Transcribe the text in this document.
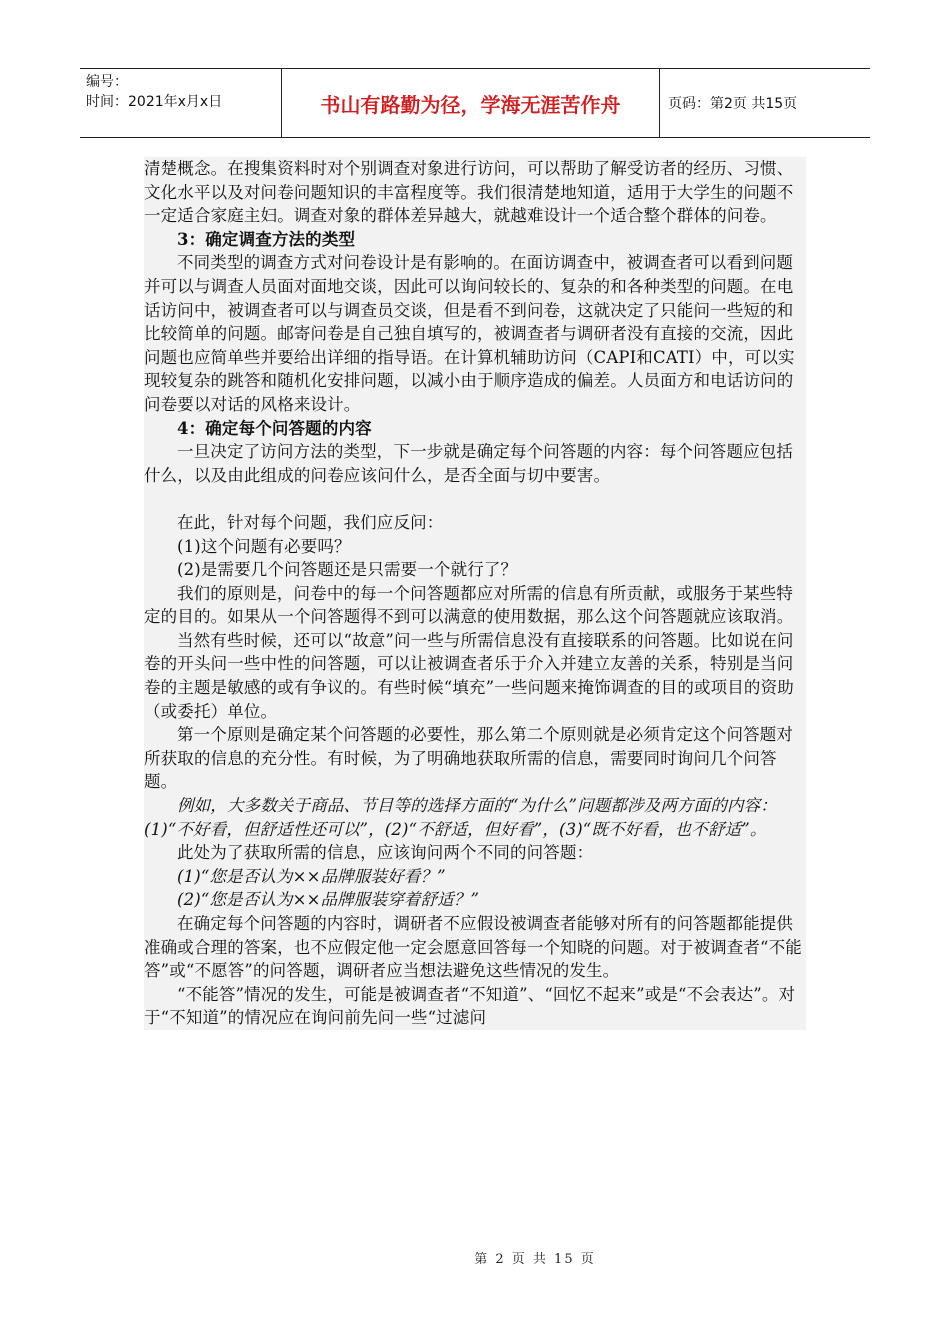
编号：
时间：2021年x月x日	书山有路勤为径，学海无涯苦作舟	页码：第2页 共15页

清楚概念。在搜集资料时对个别调查对象进行访问，可以帮助了解受访者的经历、习惯、文化水平以及对问卷问题知识的丰富程度等。我们很清楚地知道，适用于大学生的问题不一定适合家庭主妇。调查对象的群体差异越大，就越难设计一个适合整个群体的问卷。

3：确定调查方法的类型

不同类型的调查方式对问卷设计是有影响的。在面访调查中，被调查者可以看到问题并可以与调查人员面对面地交谈，因此可以询问较长的、复杂的和各种类型的问题。在电话访问中，被调查者可以与调查员交谈，但是看不到问卷，这就决定了只能问一些短的和比较简单的问题。邮寄问卷是自己独自填写的，被调查者与调研者没有直接的交流，因此问题也应简单些并要给出详细的指导语。在计算机辅助访问（CAPI和CATI）中，可以实现较复杂的跳答和随机化安排问题，以减小由于顺序造成的偏差。人员面方和电话访问的问卷要以对话的风格来设计。

4：确定每个问答题的内容

一旦决定了访问方法的类型，下一步就是确定每个问答题的内容：每个问答题应包括什么，以及由此组成的问卷应该问什么，是否全面与切中要害。

在此，针对每个问题，我们应反问：

(1)这个问题有必要吗？

(2)是需要几个问答题还是只需要一个就行了？

我们的原则是，问卷中的每一个问答题都应对所需的信息有所贡献，或服务于某些特定的目的。如果从一个问答题得不到可以满意的使用数据，那么这个问答题就应该取消。

当然有些时候，还可以“故意”问一些与所需信息没有直接联系的问答题。比如说在问卷的开头问一些中性的问答题，可以让被调查者乐于介入并建立友善的关系，特别是当问卷的主题是敏感的或有争议的。有些时候“填充”一些问题来掩饰调查的目的或项目的资助（或委托）单位。

第一个原则是确定某个问答题的必要性，那么第二个原则就是必须肯定这个问答题对所获取的信息的充分性。有时候，为了明确地获取所需的信息，需要同时询问几个问答题。

例如，大多数关于商品、节目等的选择方面的“为什么”问题都涉及两方面的内容：(1)“不好看，但舒适性还可以”，(2)“不舒适，但好看”，(3)“既不好看，也不舒适”。

此处为了获取所需的信息，应该询问两个不同的问答题：

(1)“您是否认为××品牌服装好看？”

(2)“您是否认为××品牌服装穿着舒适？”

在确定每个问答题的内容时，调研者不应假设被调查者能够对所有的问答题都能提供准确或合理的答案，也不应假定他一定会愿意回答每一个知晓的问题。对于被调查者“不能答”或“不愿答”的问答题，调研者应当想法避免这些情况的发生。

“不能答”情况的发生，可能是被调查者“不知道”、“回忆不起来”或是“不会表达”。对于“不知道”的情况应在询问前先问一些“过滤问

第 2 页 共 15 页
